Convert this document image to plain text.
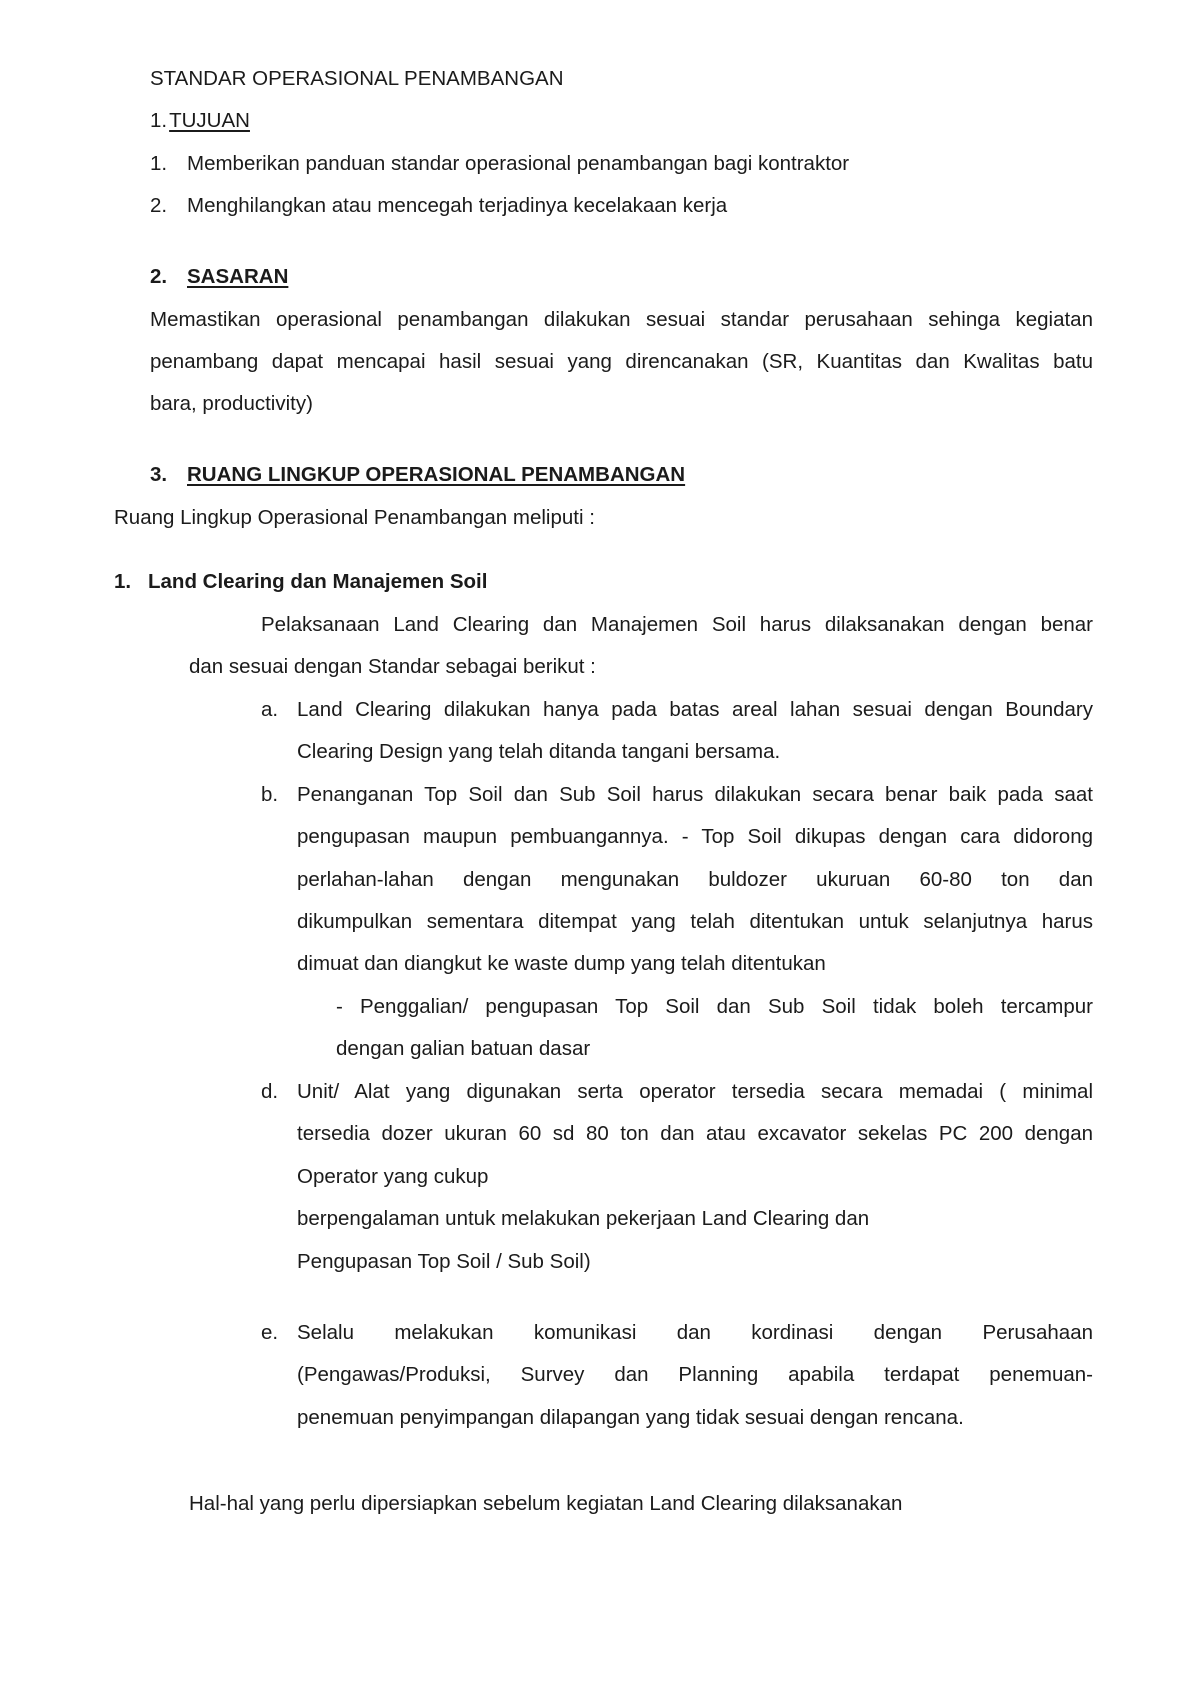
STANDAR OPERASIONAL PENAMBANGAN
1.TUJUAN
1. Memberikan panduan standar operasional penambangan bagi kontraktor
2. Menghilangkan atau mencegah terjadinya kecelakaan kerja
2. SASARAN
Memastikan operasional penambangan dilakukan sesuai standar perusahaan sehinga kegiatan
penambang dapat mencapai hasil sesuai yang direncanakan (SR, Kuantitas dan Kwalitas batu
bara, productivity)
3. RUANG LINGKUP OPERASIONAL PENAMBANGAN
Ruang Lingkup Operasional Penambangan meliputi :
1. Land Clearing dan Manajemen Soil
Pelaksanaan Land Clearing dan Manajemen Soil harus dilaksanakan dengan benar
dan sesuai dengan Standar sebagai berikut :
a. Land Clearing dilakukan hanya pada batas areal lahan sesuai dengan Boundary
Clearing Design yang telah ditanda tangani bersama.
b. Penanganan Top Soil dan Sub Soil harus dilakukan secara benar baik pada saat
pengupasan maupun pembuangannya. - Top Soil dikupas dengan cara didorong
perlahan-lahan dengan mengunakan buldozer ukuruan 60-80 ton dan
dikumpulkan sementara ditempat yang telah ditentukan untuk selanjutnya harus
dimuat dan diangkut ke waste dump yang telah ditentukan
- Penggalian/ pengupasan Top Soil dan Sub Soil tidak boleh tercampur
dengan galian batuan dasar
d. Unit/ Alat yang digunakan serta operator tersedia secara memadai ( minimal
tersedia dozer ukuran 60 sd 80 ton dan atau excavator sekelas PC 200 dengan
Operator yang cukup
berpengalaman untuk melakukan pekerjaan Land Clearing dan
Pengupasan Top Soil / Sub Soil)
e. Selalu melakukan komunikasi dan kordinasi dengan Perusahaan
(Pengawas/Produksi, Survey dan Planning apabila terdapat penemuan-
penemuan penyimpangan dilapangan yang tidak sesuai dengan rencana.
Hal-hal yang perlu dipersiapkan sebelum kegiatan Land Clearing dilaksanakan
